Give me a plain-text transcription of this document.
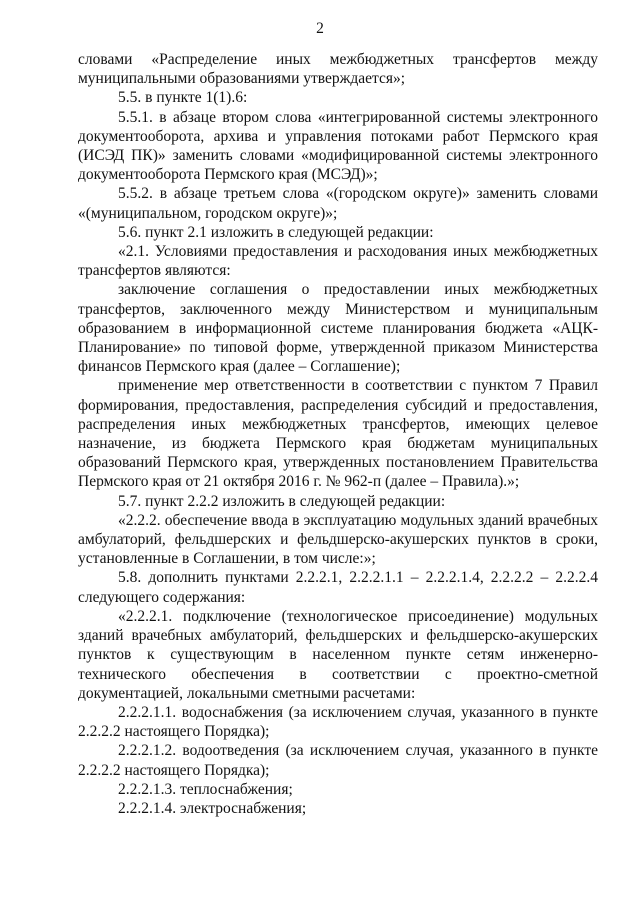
2

словами «Распределение иных межбюджетных трансфертов между муниципальными образованиями утверждается»;

5.5. в пункте 1(1).6:

5.5.1. в абзаце втором слова «интегрированной системы электронного документооборота, архива и управления потоками работ Пермского края (ИСЭД ПК)» заменить словами «модифицированной системы электронного документооборота Пермского края (МСЭД)»;

5.5.2. в абзаце третьем слова «(городском округе)» заменить словами «(муниципальном, городском округе)»;

5.6. пункт 2.1 изложить в следующей редакции:

«2.1. Условиями предоставления и расходования иных межбюджетных трансфертов являются:

заключение соглашения о предоставлении иных межбюджетных трансфертов, заключенного между Министерством и муниципальным образованием в информационной системе планирования бюджета «АЦК-Планирование» по типовой форме, утвержденной приказом Министерства финансов Пермского края (далее – Соглашение);

применение мер ответственности в соответствии с пунктом 7 Правил формирования, предоставления, распределения субсидий и предоставления, распределения иных межбюджетных трансфертов, имеющих целевое назначение, из бюджета Пермского края бюджетам муниципальных образований Пермского края, утвержденных постановлением Правительства Пермского края от 21 октября 2016 г. № 962-п (далее – Правила).»;

5.7. пункт 2.2.2 изложить в следующей редакции:

«2.2.2. обеспечение ввода в эксплуатацию модульных зданий врачебных амбулаторий, фельдшерских и фельдшерско-акушерских пунктов в сроки, установленные в Соглашении, в том числе:»;

5.8. дополнить пунктами 2.2.2.1, 2.2.2.1.1 – 2.2.2.1.4, 2.2.2.2 – 2.2.2.4 следующего содержания:

«2.2.2.1. подключение (технологическое присоединение) модульных зданий врачебных амбулаторий, фельдшерских и фельдшерско-акушерских пунктов к существующим в населенном пункте сетям инженерно-технического обеспечения в соответствии с проектно-сметной документацией, локальными сметными расчетами:

2.2.2.1.1. водоснабжения (за исключением случая, указанного в пункте 2.2.2.2 настоящего Порядка);

2.2.2.1.2. водоотведения (за исключением случая, указанного в пункте 2.2.2.2 настоящего Порядка);

2.2.2.1.3. теплоснабжения;

2.2.2.1.4. электроснабжения;
